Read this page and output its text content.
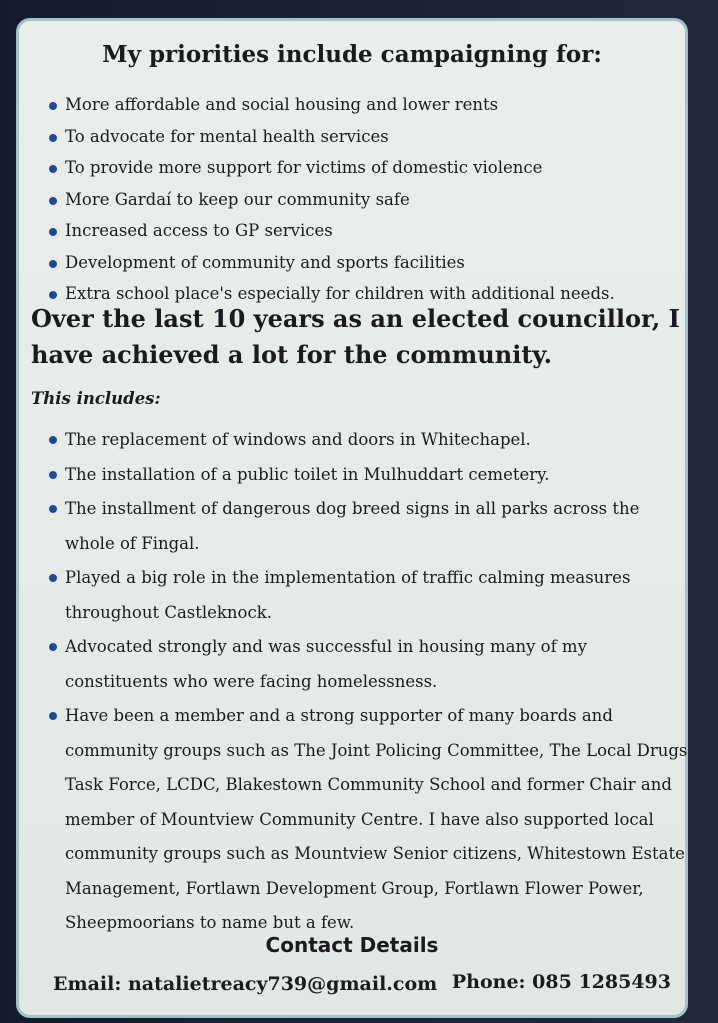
My priorities include campaigning for:
More affordable and social housing and lower rents
To advocate for mental health services
To provide more support for victims of domestic violence
More Gardaí to keep our community safe
Increased access to GP services
Development of community and sports facilities
Extra school place's especially for children with additional needs.
Over the last 10 years as an elected councillor, I have achieved a lot for the community.
This includes:
The replacement of windows and doors in Whitechapel.
The installation of a public toilet in Mulhuddart cemetery.
The installment of dangerous dog breed signs in all parks across the whole of Fingal.
Played a big role in the implementation of traffic calming measures throughout Castleknock.
Advocated strongly and was successful in housing many of my constituents who were facing homelessness.
Have been a member and a strong supporter of many boards and community groups such as The Joint Policing Committee, The Local Drugs Task Force, LCDC, Blakestown Community School and former Chair and member of Mountview Community Centre. I have also supported local community groups such as Mountview Senior citizens, Whitestown Estate Management, Fortlawn Development Group, Fortlawn Flower Power, Sheepmoorians to name but a few.
Contact Details
Email: natalietreacy739@gmail.com Phone: 085 1285493
